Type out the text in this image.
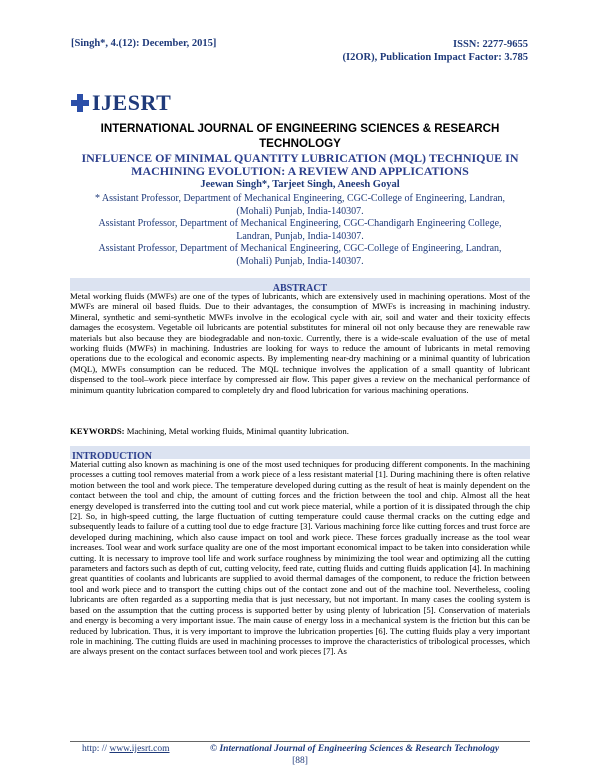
[Singh*, 4.(12): December, 2015]	ISSN: 2277-9655
(I2OR), Publication Impact Factor: 3.785
IJESRT
INTERNATIONAL JOURNAL OF ENGINEERING SCIENCES & RESEARCH
TECHNOLOGY
INFLUENCE OF MINIMAL QUANTITY LUBRICATION (MQL) TECHNIQUE IN
MACHINING EVOLUTION: A REVIEW AND APPLICATIONS
Jeewan Singh*, Tarjeet Singh, Aneesh Goyal
* Assistant Professor, Department of Mechanical Engineering, CGC-College of Engineering, Landran,
(Mohali) Punjab, India-140307.
Assistant Professor, Department of Mechanical Engineering, CGC-Chandigarh Engineering College,
Landran, Punjab, India-140307.
Assistant Professor, Department of Mechanical Engineering, CGC-College of Engineering, Landran,
(Mohali) Punjab, India-140307.
ABSTRACT
Metal working fluids (MWFs) are one of the types of lubricants, which are extensively used in machining operations. Most of the MWFs are mineral oil based fluids. Due to their advantages, the consumption of MWFs is increasing in machining industry. Mineral, synthetic and semi-synthetic MWFs involve in the ecological cycle with air, soil and water and their toxicity effects damages the ecosystem. Vegetable oil lubricants are potential substitutes for mineral oil not only because they are renewable raw materials but also because they are biodegradable and non-toxic. Currently, there is a wide-scale evaluation of the use of metal working fluids (MWFs) in machining. Industries are looking for ways to reduce the amount of lubricants in metal removing operations due to the ecological and economic aspects. By implementing near-dry machining or a minimal quantity of lubrication (MQL), MWFs consumption can be reduced. The MQL technique involves the application of a small quantity of lubricant dispensed to the tool–work piece interface by compressed air flow. This paper gives a review on the mechanical performance of minimum quantity lubrication compared to completely dry and flood lubrication for various machining operations.
KEYWORDS: Machining, Metal working fluids, Minimal quantity lubrication.
INTRODUCTION
Material cutting also known as machining is one of the most used techniques for producing different components. In the machining processes a cutting tool removes material from a work piece of a less resistant material [1]. During machining there is often relative motion between the tool and work piece. The temperature developed during cutting as the result of heat is mainly dependent on the contact between the tool and chip, the amount of cutting forces and the friction between the tool and chip. Almost all the heat energy developed is transferred into the cutting tool and cut work piece material, while a portion of it is dissipated through the chip [2]. So, in high-speed cutting, the large fluctuation of cutting temperature could cause thermal cracks on the cutting edge and subsequently leads to failure of a cutting tool due to edge fracture [3]. Various machining force like cutting forces and trust force are developed during machining, which also cause impact on tool and work piece. These forces gradually increase as the tool wear increases. Tool wear and work surface quality are one of the most important economical impact to be taken into consideration while cutting. It is necessary to improve tool life and work surface roughness by minimizing the tool wear and optimizing all the cutting parameters and factors such as depth of cut, cutting velocity, feed rate, cutting fluids and cutting fluids application [4]. In machining great quantities of coolants and lubricants are supplied to avoid thermal damages of the component, to reduce the friction between tool and work piece and to transport the cutting chips out of the contact zone and out of the machine tool. Nevertheless, cooling lubricants are often regarded as a supporting media that is just necessary, but not important. In many cases the cooling system is based on the assumption that the cutting process is supported better by using plenty of lubrication [5]. Conservation of materials and energy is becoming a very important issue. The main cause of energy loss in a mechanical system is the friction but this can be reduced by lubrication. Thus, it is very important to improve the lubrication properties [6]. The cutting fluids play a very important role in machining. The cutting fluids are used in machining processes to improve the characteristics of tribological processes, which are always present on the contact surfaces between tool and work pieces [7]. As
http: // www.ijesrt.com	© International Journal of Engineering Sciences & Research Technology
[88]
